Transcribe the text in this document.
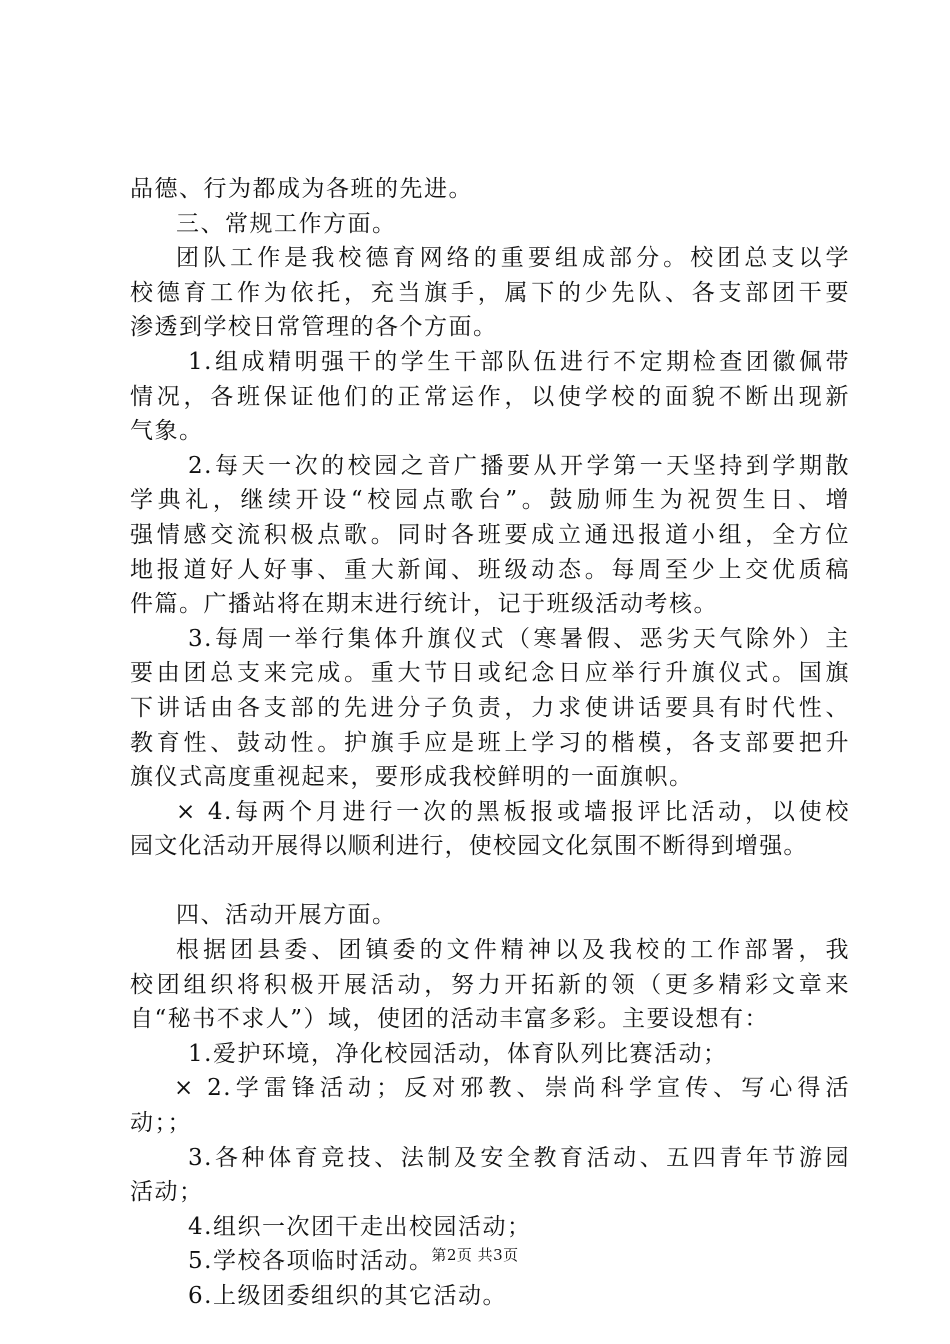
品德、行为都成为各班的先进。
三、常规工作方面。
团队工作是我校德育网络的重要组成部分。校团总支以学
校德育工作为依托，充当旗手，属下的少先队、各支部团干要
渗透到学校日常管理的各个方面。
1.组成精明强干的学生干部队伍进行不定期检查团徽佩带
情况，各班保证他们的正常运作，以使学校的面貌不断出现新
气象。
2.每天一次的校园之音广播要从开学第一天坚持到学期散
学典礼，继续开设“校园点歌台”。鼓励师生为祝贺生日、增
强情感交流积极点歌。同时各班要成立通迅报道小组，全方位
地报道好人好事、重大新闻、班级动态。每周至少上交优质稿
件篇。广播站将在期末进行统计，记于班级活动考核。
3.每周一举行集体升旗仪式（寒暑假、恶劣天气除外）主
要由团总支来完成。重大节日或纪念日应举行升旗仪式。国旗
下讲话由各支部的先进分子负责，力求使讲话要具有时代性、
教育性、鼓动性。护旗手应是班上学习的楷模，各支部要把升
旗仪式高度重视起来，要形成我校鲜明的一面旗帜。
× 4.每两个月进行一次的黑板报或墙报评比活动，以使校
园文化活动开展得以顺利进行，使校园文化氛围不断得到增强。
四、活动开展方面。
根据团县委、团镇委的文件精神以及我校的工作部署，我
校团组织将积极开展活动，努力开拓新的领（更多精彩文章来
自“秘书不求人”）域，使团的活动丰富多彩。主要设想有：
1.爱护环境，净化校园活动，体育队列比赛活动；
× 2.学雷锋活动；反对邪教、崇尚科学宣传、写心得活
动；；
3.各种体育竞技、法制及安全教育活动、五四青年节游园
活动；
4.组织一次团干走出校园活动；
5.学校各项临时活动。
6.上级团委组织的其它活动。
第2页 共3页
